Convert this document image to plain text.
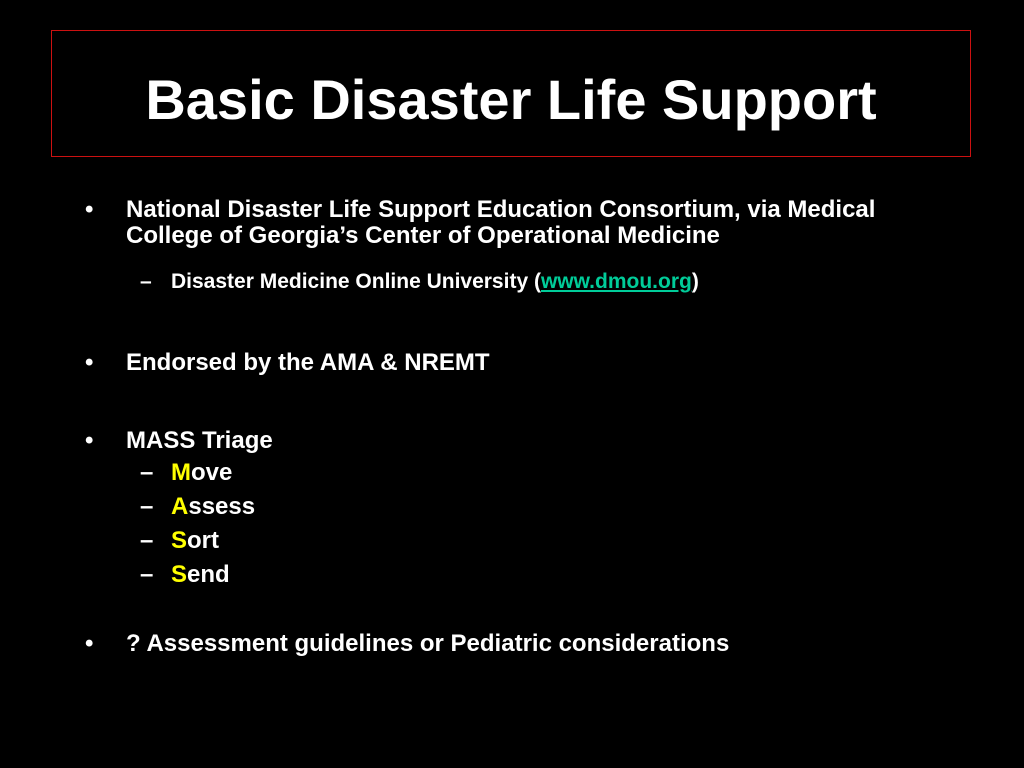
Basic Disaster Life Support
• National Disaster Life Support Education Consortium, via Medical College of Georgia’s Center of Operational Medicine
– Disaster Medicine Online University (www.dmou.org)
• Endorsed by the AMA & NREMT
• MASS Triage
– Move
– Assess
– Sort
– Send
• ? Assessment guidelines or Pediatric considerations
